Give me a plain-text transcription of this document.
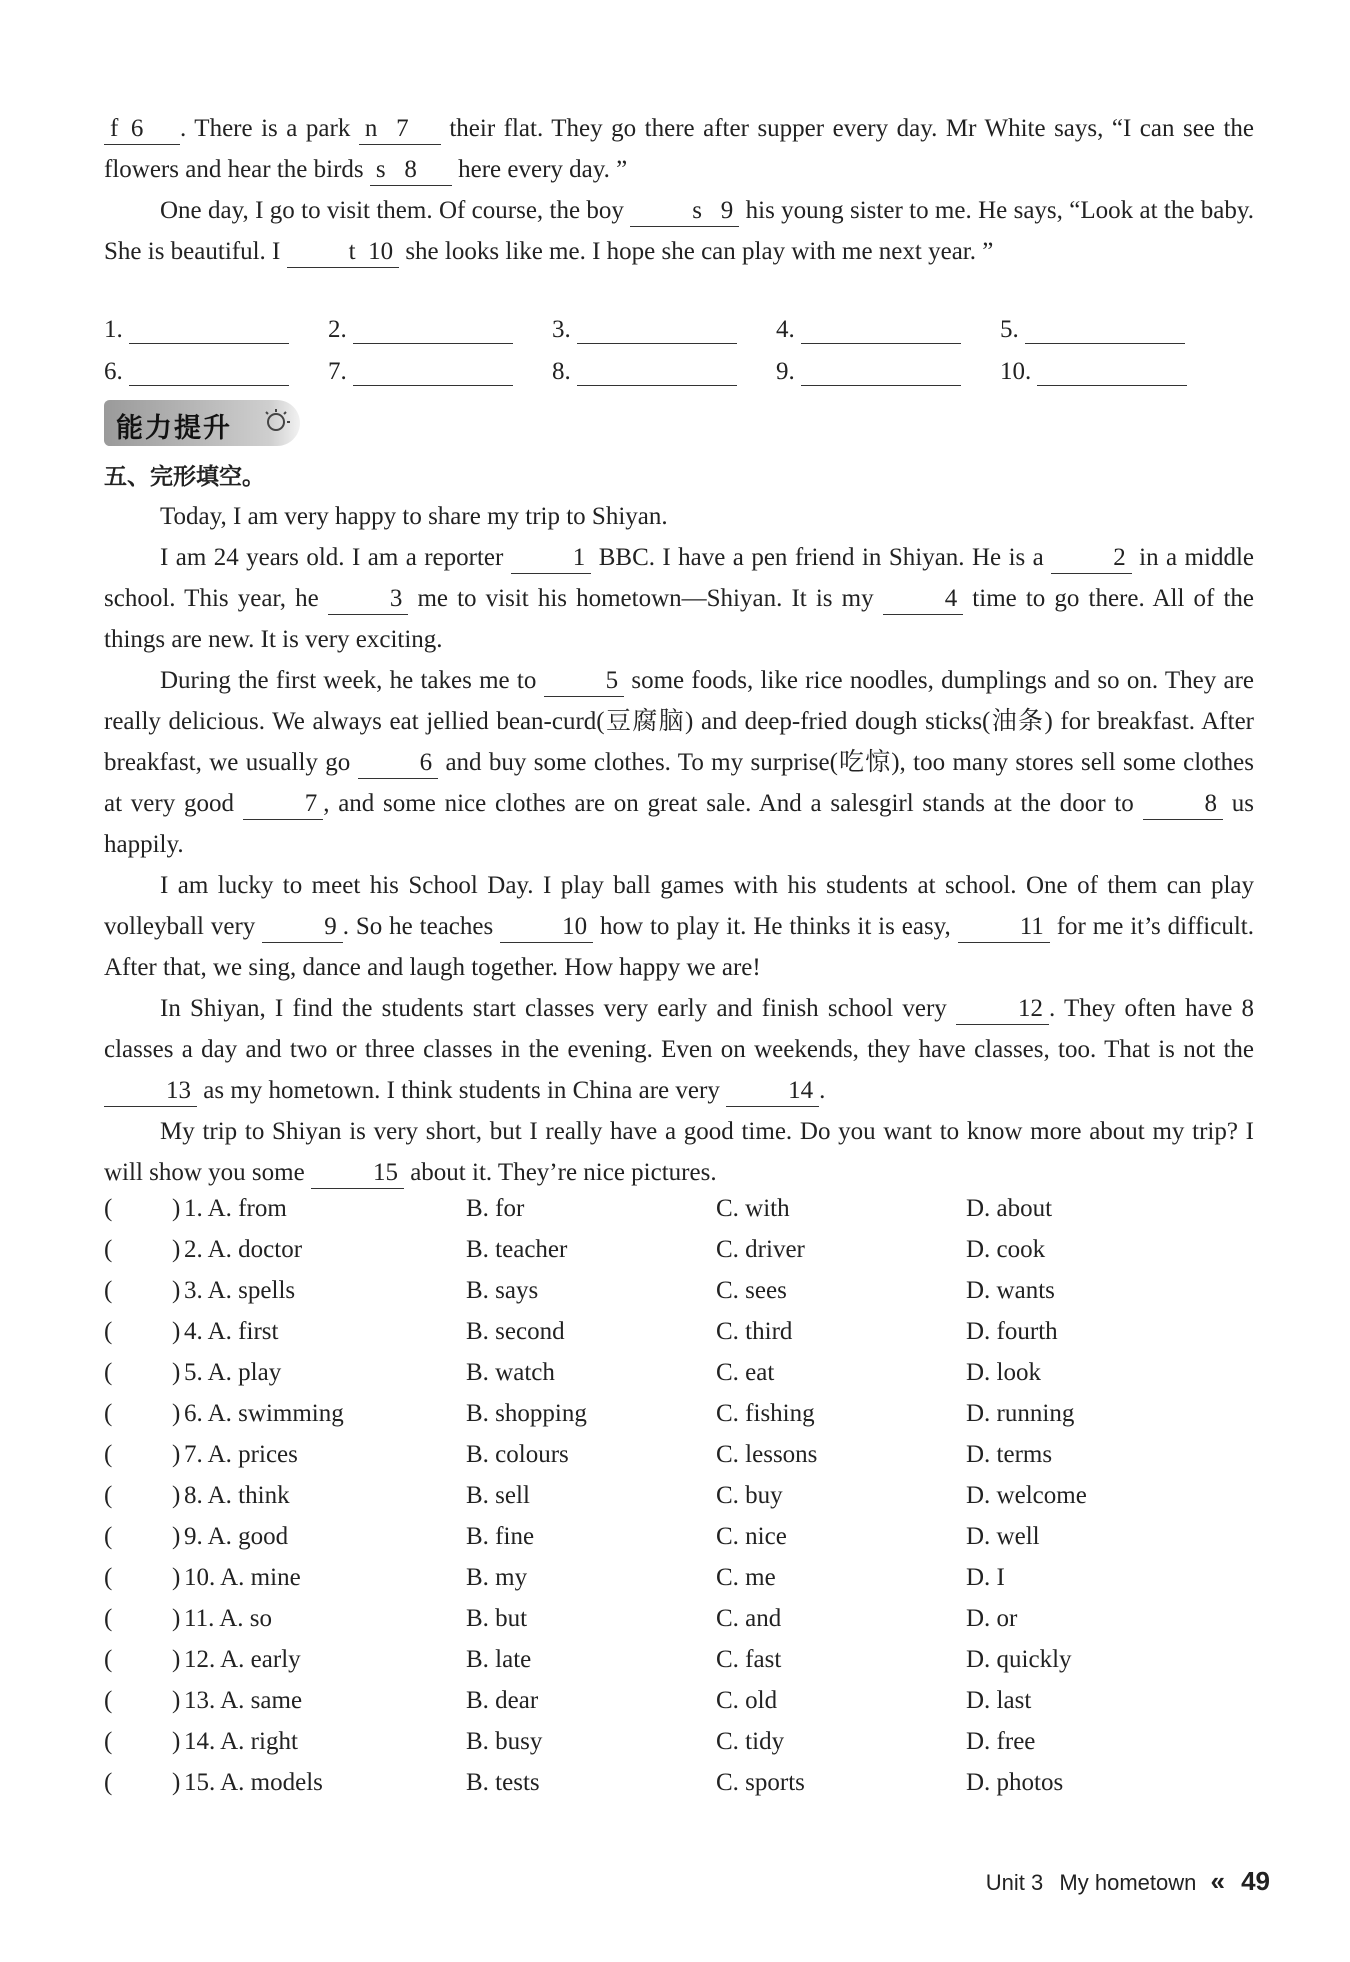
f 6 . There is a park n 7 their flat. They go there after supper every day. Mr White says, “I can see the flowers and hear the birds s 8 here every day. ”
One day, I go to visit them. Of course, the boy s 9 his young sister to me. He says, “Look at the baby. She is beautiful. I t 10 she looks like me. I hope she can play with me next year. ”
1.	2.	3.	4.	5.
6.	7.	8.	9.	10.
能力提升
五、完形填空。
Today, I am very happy to share my trip to Shiyan.
I am 24 years old. I am a reporter 1 BBC. I have a pen friend in Shiyan. He is a 2 in a middle school. This year, he 3 me to visit his hometown—Shiyan. It is my 4 time to go there. All of the things are new. It is very exciting.
During the first week, he takes me to 5 some foods, like rice noodles, dumplings and so on. They are really delicious. We always eat jellied bean-curd(豆腐脑) and deep-fried dough sticks(油条) for breakfast. After breakfast, we usually go 6 and buy some clothes. To my surprise(吃惊), too many stores sell some clothes at very good 7 , and some nice clothes are on great sale. And a salesgirl stands at the door to 8 us happily.
I am lucky to meet his School Day. I play ball games with his students at school. One of them can play volleyball very 9 . So he teaches 10 how to play it. He thinks it is easy, 11 for me it’s difficult. After that, we sing, dance and laugh together. How happy we are!
In Shiyan, I find the students start classes very early and finish school very 12 . They often have 8 classes a day and two or three classes in the evening. Even on weekends, they have classes, too. That is not the 13 as my hometown. I think students in China are very 14 .
My trip to Shiyan is very short, but I really have a good time. Do you want to know more about my trip? I will show you some 15 about it. They’re nice pictures.
( ) 1. A. from	B. for	C. with	D. about
( ) 2. A. doctor	B. teacher	C. driver	D. cook
( ) 3. A. spells	B. says	C. sees	D. wants
( ) 4. A. first	B. second	C. third	D. fourth
( ) 5. A. play	B. watch	C. eat	D. look
( ) 6. A. swimming	B. shopping	C. fishing	D. running
( ) 7. A. prices	B. colours	C. lessons	D. terms
( ) 8. A. think	B. sell	C. buy	D. welcome
( ) 9. A. good	B. fine	C. nice	D. well
( ) 10. A. mine	B. my	C. me	D. I
( ) 11. A. so	B. but	C. and	D. or
( ) 12. A. early	B. late	C. fast	D. quickly
( ) 13. A. same	B. dear	C. old	D. last
( ) 14. A. right	B. busy	C. tidy	D. free
( ) 15. A. models	B. tests	C. sports	D. photos
Unit 3 My hometown « 49
